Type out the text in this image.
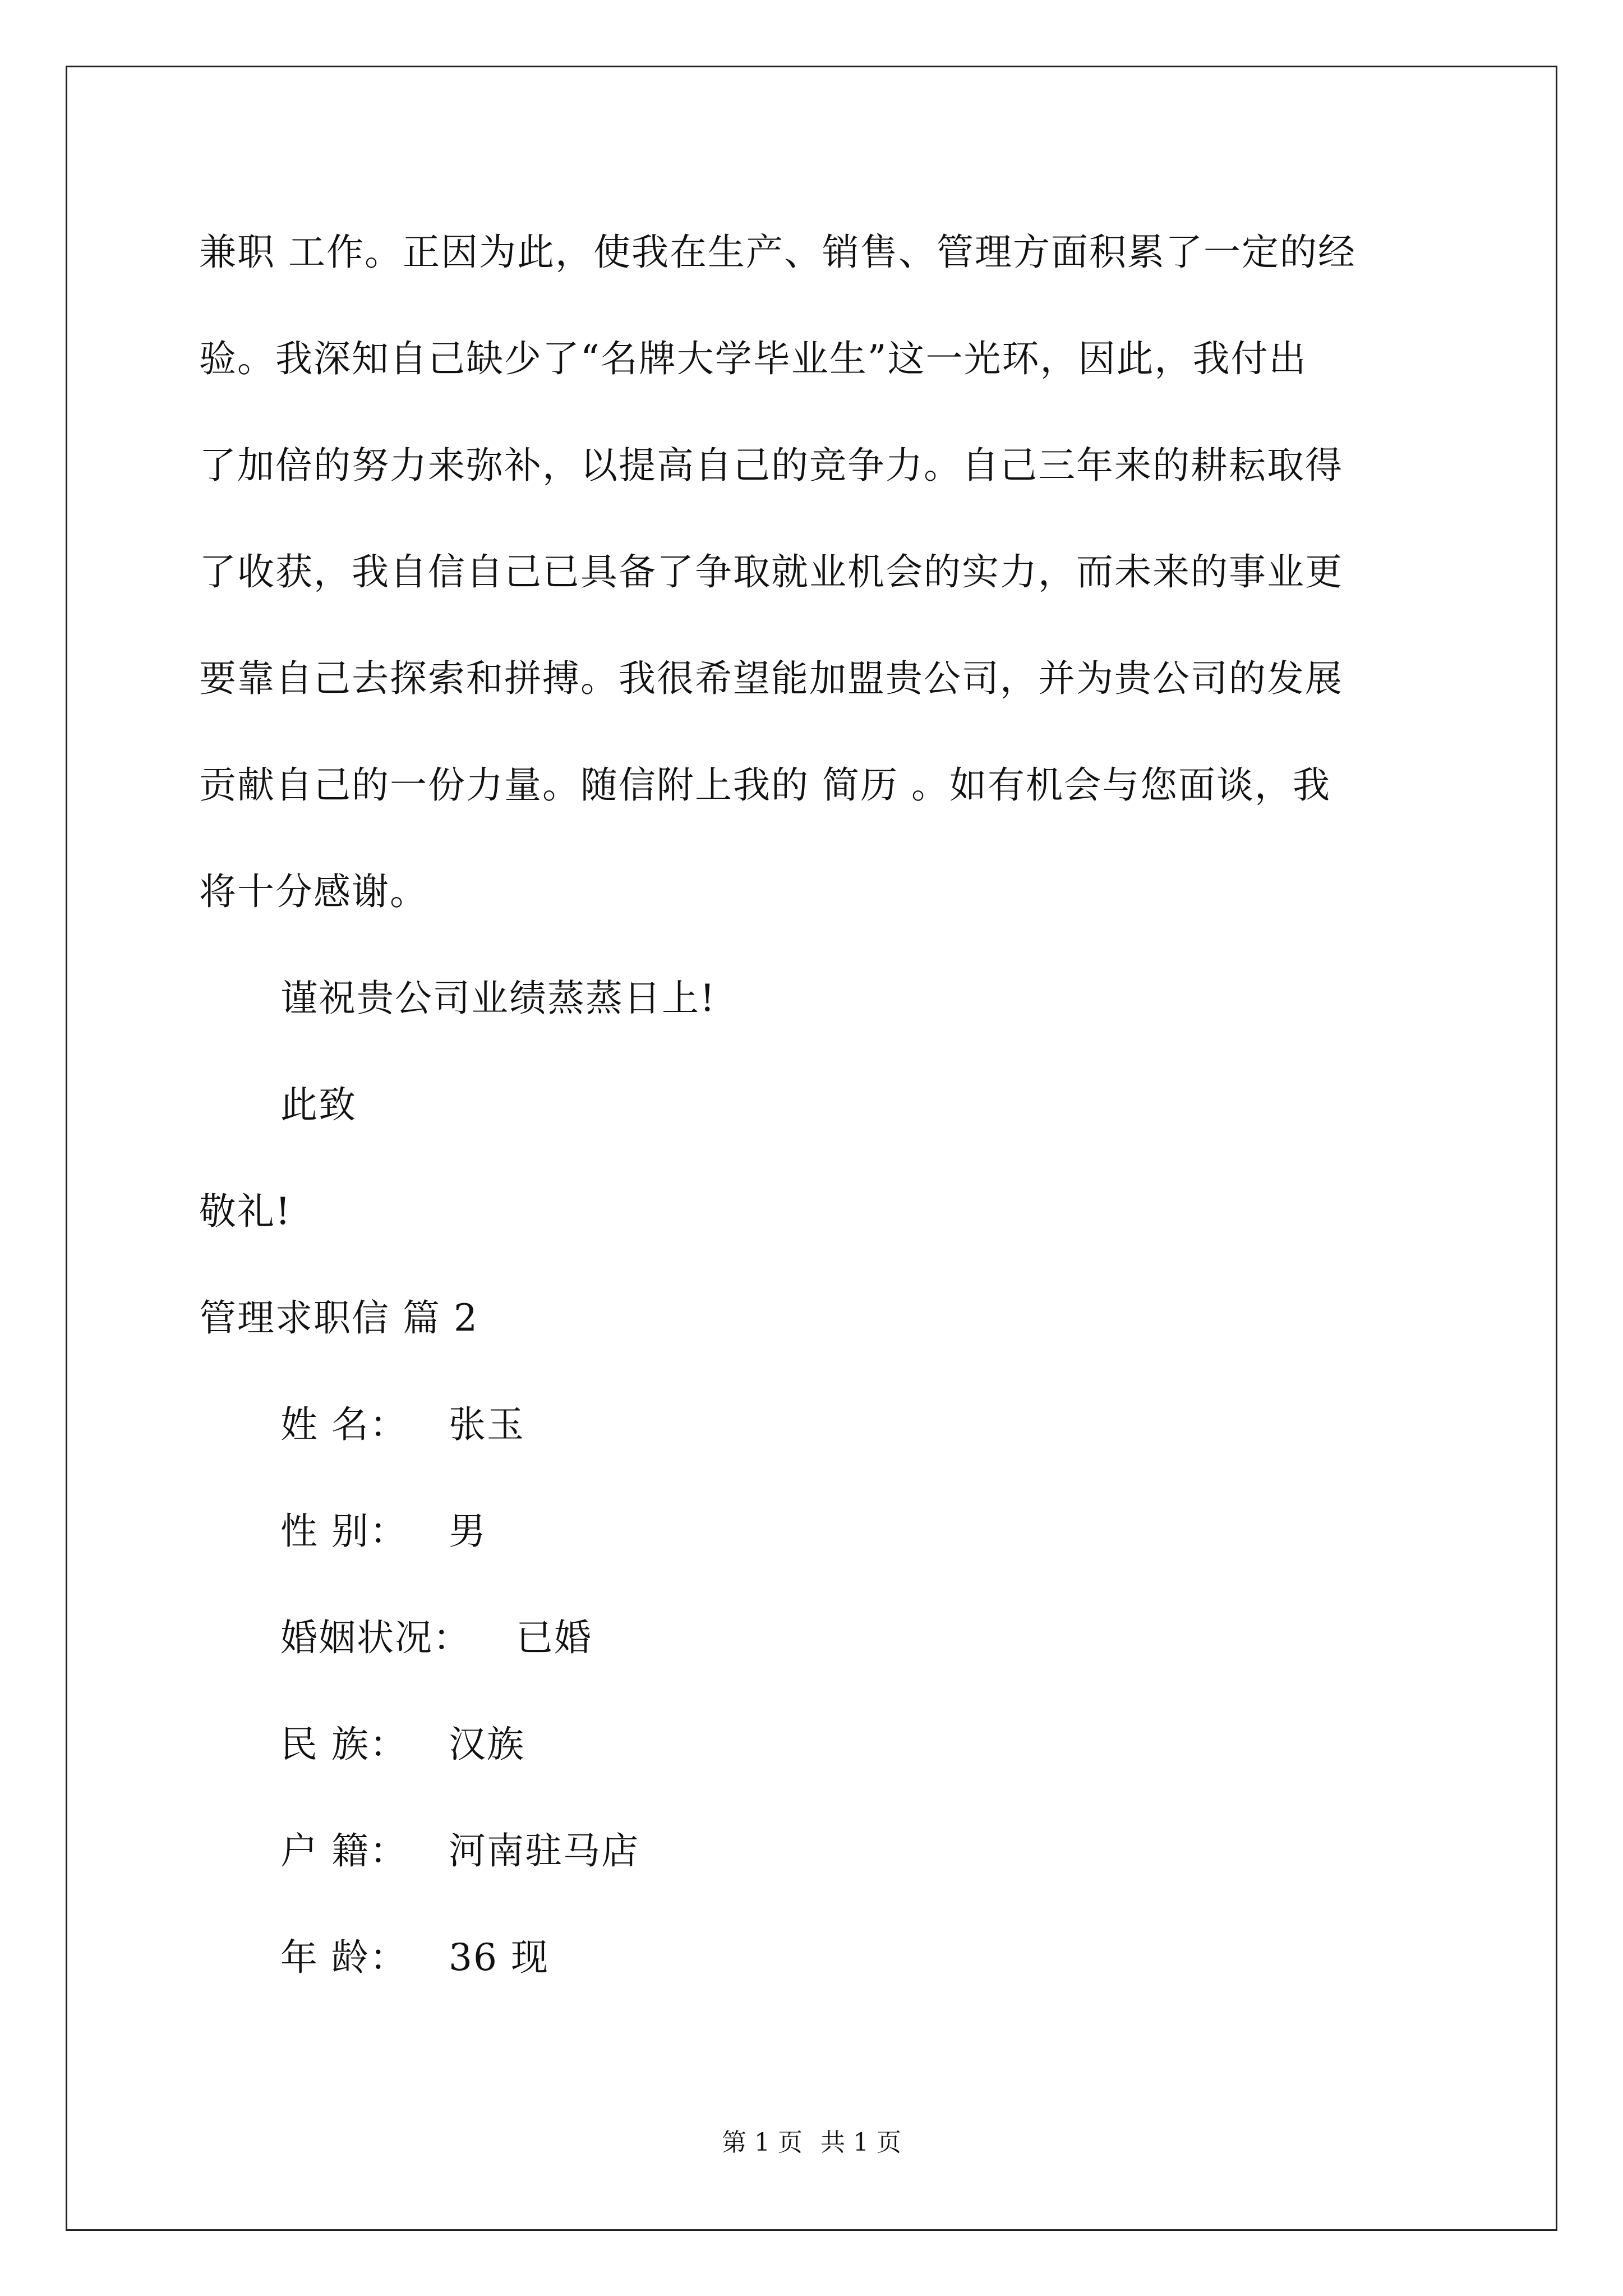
兼职 工作。正因为此，使我在生产、销售、管理方面积累了一定的经
验。我深知自己缺少了“名牌大学毕业生”这一光环，因此，我付出
了加倍的努力来弥补，以提高自己的竞争力。自己三年来的耕耘取得
了收获，我自信自己已具备了争取就业机会的实力，而未来的事业更
要靠自己去探索和拼搏。我很希望能加盟贵公司，并为贵公司的发展
贡献自己的一份力量。随信附上我的 简历 。如有机会与您面谈，我
将十分感谢。
谨祝贵公司业绩蒸蒸日上!
此致
敬礼!
管理求职信 篇 2
姓 名： 张玉
性 别： 男
婚姻状况： 已婚
民 族： 汉族
户 籍： 河南驻马店
年 龄： 36 现
第 1 页 共 1 页
